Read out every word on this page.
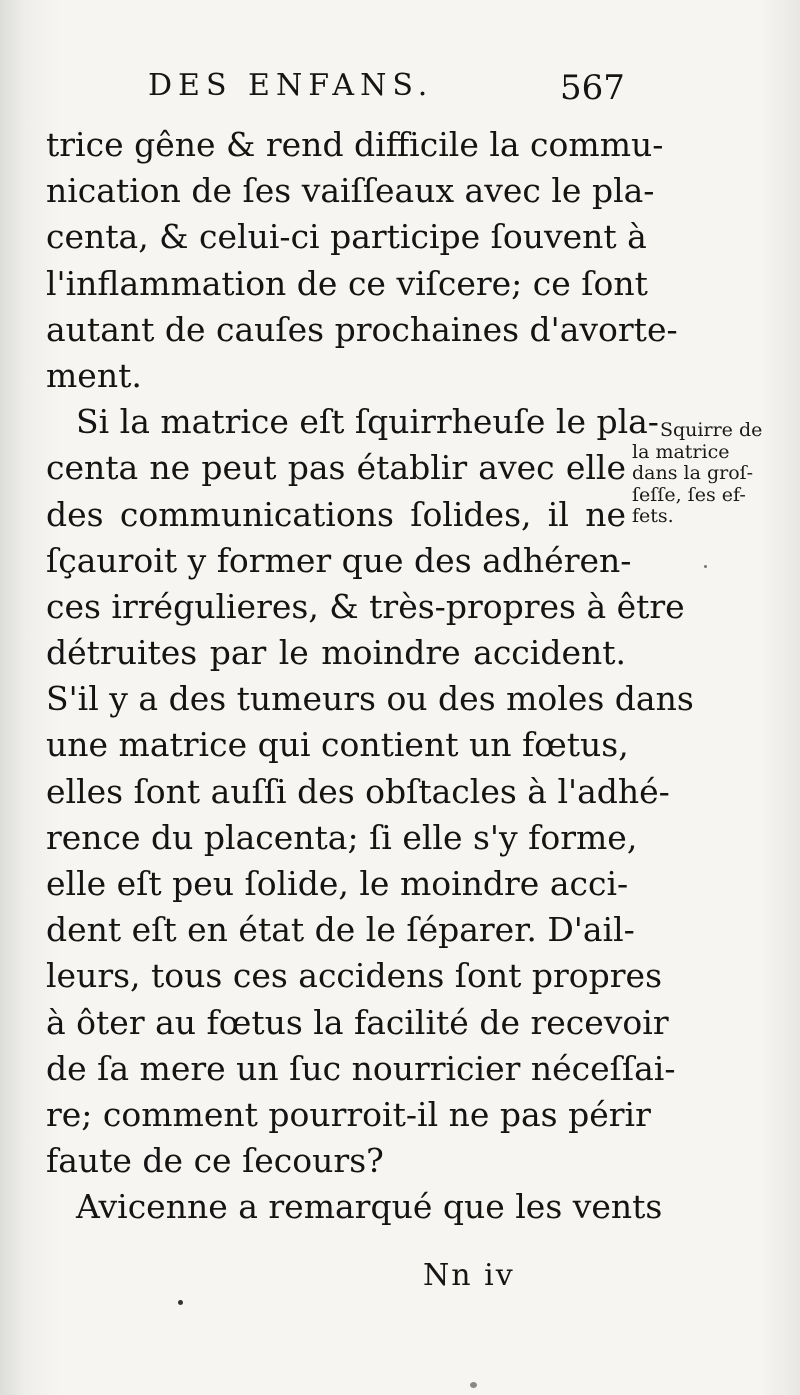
DES ENFANS.	567
trice gêne & rend difficile la commu-
nication de ſes vaiſſeaux avec le pla-
centa, & celui-ci participe ſouvent à
l'inflammation de ce viſcere; ce ſont
autant de cauſes prochaines d'avorte-
ment.
Si la matrice eſt ſquirrheuſe le pla-
centa ne peut pas établir avec elle
des communications ſolides, il ne
ſçauroit y former que des adhéren-
ces irrégulieres, & très-propres à être
détruites par le moindre accident.
S'il y a des tumeurs ou des moles dans
une matrice qui contient un fœtus,
elles ſont auſſi des obſtacles à l'adhé-
rence du placenta; ſi elle s'y forme,
elle eſt peu ſolide, le moindre acci-
dent eſt en état de le ſéparer. D'ail-
leurs, tous ces accidens ſont propres
à ôter au fœtus la facilité de recevoir
de ſa mere un ſuc nourricier néceſſai-
re; comment pourroit-il ne pas périr
faute de ce ſecours?
Avicenne a remarqué que les vents
Squirre de
la matrice
dans la groſ-
ſeſſe, ſes ef-
fets.
Nn iv
